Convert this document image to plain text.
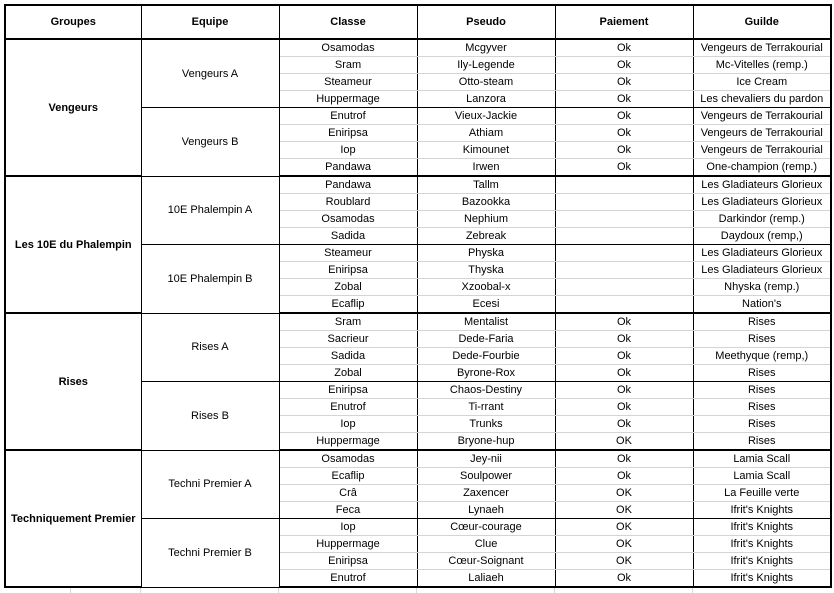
Groupes	Equipe	Classe	Pseudo	Paiement	Guilde
Vengeurs	Vengeurs A	Osamodas	Mcgyver	Ok	Vengeurs de Terrakourial
		Sram	Ily-Legende	Ok	Mc-Vitelles (remp.)
		Steameur	Otto-steam	Ok	Ice Cream
		Huppermage	Lanzora	Ok	Les chevaliers du pardon
	Vengeurs B	Enutrof	Vieux-Jackie	Ok	Vengeurs de Terrakourial
		Eniripsa	Athiam	Ok	Vengeurs de Terrakourial
		Iop	Kimounet	Ok	Vengeurs de Terrakourial
		Pandawa	Irwen	Ok	One-champion (remp.)
Les 10E du Phalempin	10E Phalempin A	Pandawa	Tallm		Les Gladiateurs Glorieux
		Roublard	Bazookka		Les Gladiateurs Glorieux
		Osamodas	Nephium		Darkindor (remp.)
		Sadida	Zebreak		Daydoux (remp,)
	10E Phalempin B	Steameur	Physka		Les Gladiateurs Glorieux
		Eniripsa	Thyska		Les Gladiateurs Glorieux
		Zobal	Xzoobal-x		Nhyska (remp.)
		Ecaflip	Ecesi		Nation's
Rises	Rises A	Sram	Mentalist	Ok	Rises
		Sacrieur	Dede-Faria	Ok	Rises
		Sadida	Dede-Fourbie	Ok	Meethyque (remp,)
		Zobal	Byrone-Rox	Ok	Rises
	Rises B	Eniripsa	Chaos-Destiny	Ok	Rises
		Enutrof	Ti-rrant	Ok	Rises
		Iop	Trunks	Ok	Rises
		Huppermage	Bryone-hup	OK	Rises
Techniquement Premier	Techni Premier A	Osamodas	Jey-nii	Ok	Lamia Scall
		Ecaflip	Soulpower	Ok	Lamia Scall
		Crâ	Zaxencer	OK	La Feuille verte
		Feca	Lynaeh	OK	Ifrit's Knights
	Techni Premier B	Iop	Cœur-courage	OK	Ifrit's Knights
		Huppermage	Clue	OK	Ifrit's Knights
		Eniripsa	Cœur-Soignant	OK	Ifrit's Knights
		Enutrof	Laliaeh	Ok	Ifrit's Knights
